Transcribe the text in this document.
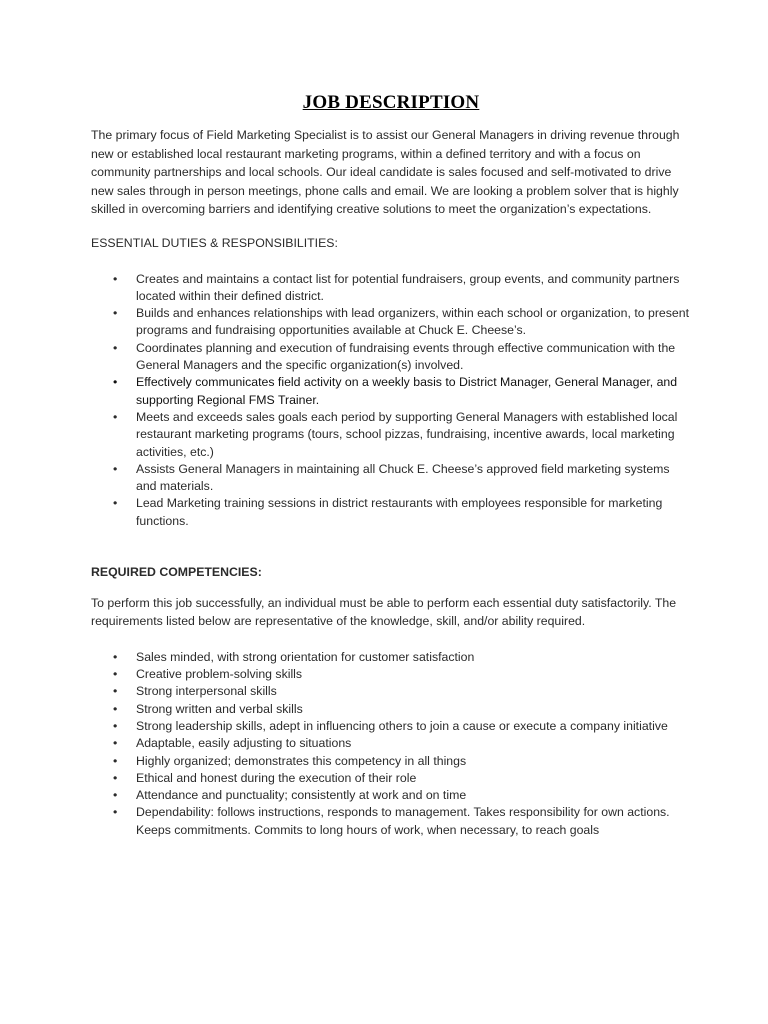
JOB DESCRIPTION

The primary focus of Field Marketing Specialist is to assist our General Managers in driving revenue through new or established local restaurant marketing programs, within a defined territory and with a focus on community partnerships and local schools. Our ideal candidate is sales focused and self-motivated to drive new sales through in person meetings, phone calls and email. We are looking a problem solver that is highly skilled in overcoming barriers and identifying creative solutions to meet the organization’s expectations.

ESSENTIAL DUTIES & RESPONSIBILITIES:

• Creates and maintains a contact list for potential fundraisers, group events, and community partners located within their defined district.
• Builds and enhances relationships with lead organizers, within each school or organization, to present programs and fundraising opportunities available at Chuck E. Cheese’s.
• Coordinates planning and execution of fundraising events through effective communication with the General Managers and the specific organization(s) involved.
• Effectively communicates field activity on a weekly basis to District Manager, General Manager, and supporting Regional FMS Trainer.
• Meets and exceeds sales goals each period by supporting General Managers with established local restaurant marketing programs (tours, school pizzas, fundraising, incentive awards, local marketing activities, etc.)
• Assists General Managers in maintaining all Chuck E. Cheese’s approved field marketing systems and materials.
• Lead Marketing training sessions in district restaurants with employees responsible for marketing functions.

REQUIRED COMPETENCIES:

To perform this job successfully, an individual must be able to perform each essential duty satisfactorily. The requirements listed below are representative of the knowledge, skill, and/or ability required.

• Sales minded, with strong orientation for customer satisfaction
• Creative problem-solving skills
• Strong interpersonal skills
• Strong written and verbal skills
• Strong leadership skills, adept in influencing others to join a cause or execute a company initiative
• Adaptable, easily adjusting to situations
• Highly organized; demonstrates this competency in all things
• Ethical and honest during the execution of their role
• Attendance and punctuality; consistently at work and on time
• Dependability: follows instructions, responds to management. Takes responsibility for own actions. Keeps commitments. Commits to long hours of work, when necessary, to reach goals
